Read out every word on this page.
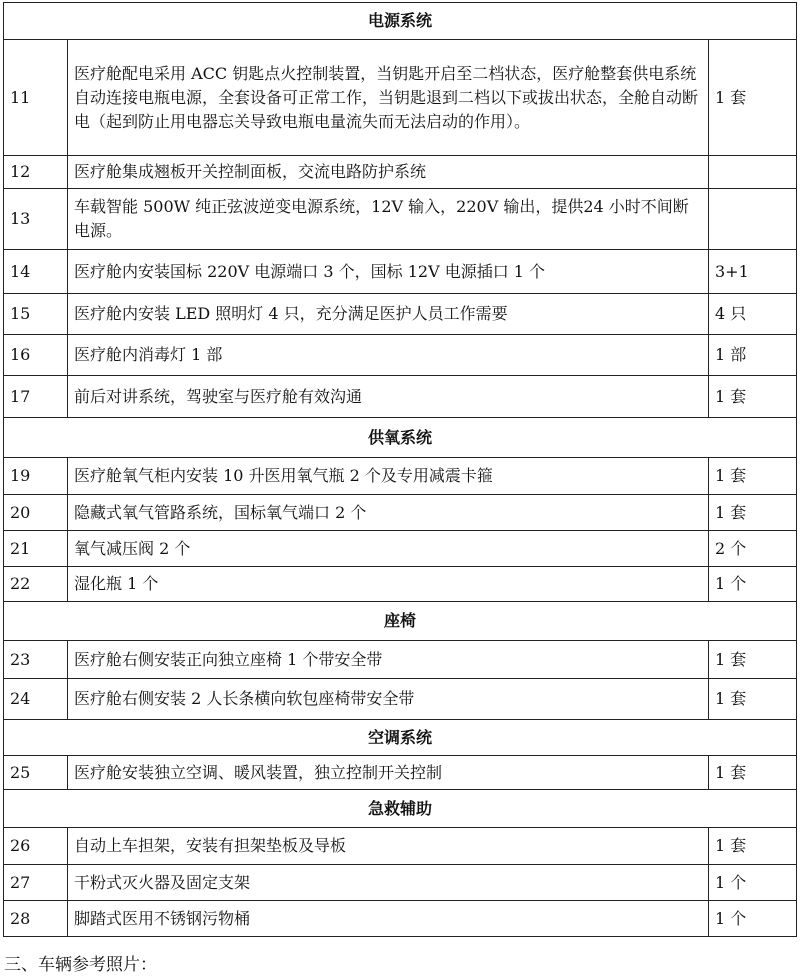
电源系统		
11	医疗舱配电采用 ACC 钥匙点火控制装置，当钥匙开启至二档状态，医疗舱整套供电系统自动连接电瓶电源，全套设备可正常工作，当钥匙退到二档以下或拔出状态，全舱自动断电（起到防止用电器忘关导致电瓶电量流失而无法启动的作用）。	1 套
12	医疗舱集成翘板开关控制面板，交流电路防护系统	
13	车载智能 500W 纯正弦波逆变电源系统，12V 输入，220V 输出，提供24 小时不间断电源。	
14	医疗舱内安装国标 220V 电源端口 3 个，国标 12V 电源插口 1 个	3+1
15	医疗舱内安装 LED 照明灯 4 只，充分满足医护人员工作需要	4 只
16	医疗舱内消毒灯 1 部	1 部
17	前后对讲系统，驾驶室与医疗舱有效沟通	1 套
供氧系统		
19	医疗舱氧气柜内安装 10 升医用氧气瓶 2 个及专用减震卡箍	1 套
20	隐藏式氧气管路系统，国标氧气端口 2 个	1 套
21	氧气减压阀 2 个	2 个
22	湿化瓶 1 个	1 个
座椅		
23	医疗舱右侧安装正向独立座椅 1 个带安全带	1 套
24	医疗舱右侧安装 2 人长条横向软包座椅带安全带	1 套
空调系统		
25	医疗舱安装独立空调、暖风装置，独立控制开关控制	1 套
急救辅助		
26	自动上车担架，安装有担架垫板及导板	1 套
27	干粉式灭火器及固定支架	1 个
28	脚踏式医用不锈钢污物桶	1 个
三、车辆参考照片：
